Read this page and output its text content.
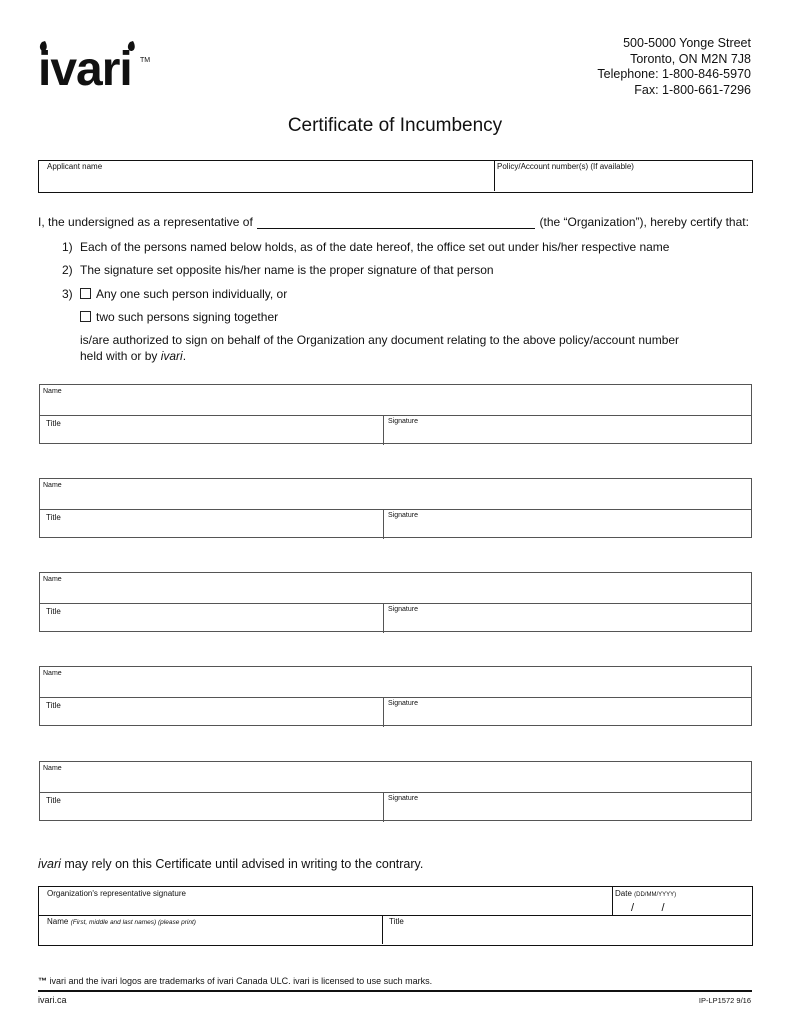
ivari TM
500-5000 Yonge Street
Toronto, ON M2N 7J8
Telephone: 1-800-846-5970
Fax: 1-800-661-7296
Certificate of Incumbency
Applicant name	Policy/Account number(s) (If available)
I, the undersigned as a representative of	(the “Organization”), hereby certify that:
1) Each of the persons named below holds, as of the date hereof, the office set out under his/her respective name
2) The signature set opposite his/her name is the proper signature of that person
3) Any one such person individually, or
two such persons signing together
is/are authorized to sign on behalf of the Organization any document relating to the above policy/account number
held with or by ivari.
Name
Title	Signature
Name
Title	Signature
Name
Title	Signature
Name
Title	Signature
Name
Title	Signature
ivari may rely on this Certificate until advised in writing to the contrary.
Organization's representative signature	Date (DD/MM/YYYY)
/         /
Name (First, middle and last names) (please print)	Title
™ ivari and the ivari logos are trademarks of ivari Canada ULC. ivari is licensed to use such marks.
ivari.ca	IP-LP1572 9/16
